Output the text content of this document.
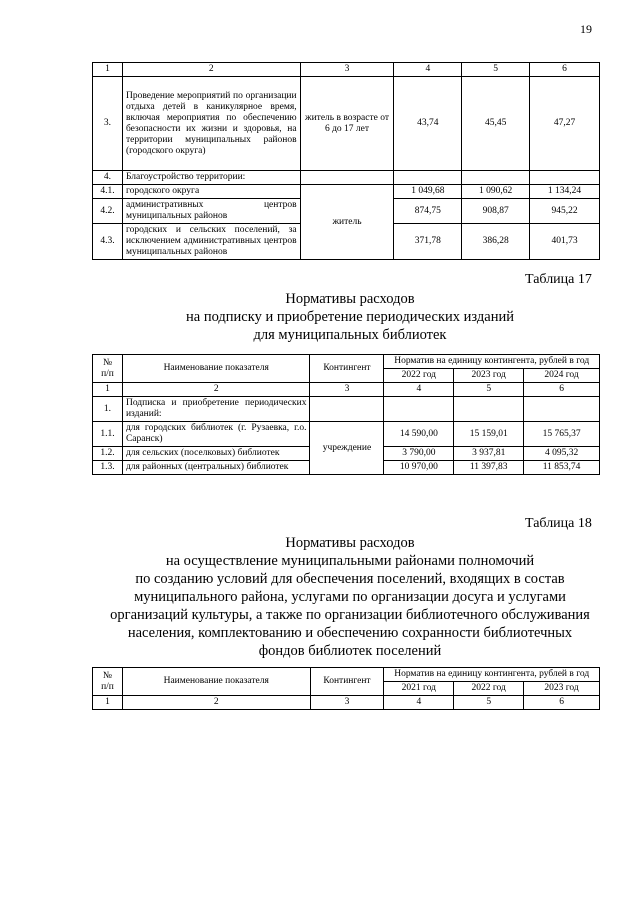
19
1	2	3	4	5	6
3.	Проведение мероприятий по организации отдыха детей в каникулярное время, включая мероприятия по обеспечению безопасности их жизни и здоровья, на территории муниципальных районов (городского округа)	житель в возрасте от 6 до 17 лет	43,74	45,45	47,27
4.	Благоустройство территории:				
4.1.	городского округа	житель	1 049,68	1 090,62	1 134,24
4.2.	административных центров муниципальных районов		874,75	908,87	945,22
4.3.	городских и сельских поселений, за исключением административных центров муниципальных районов		371,78	386,28	401,73
Таблица 17
Нормативы расходов
на подписку и приобретение периодических изданий
для муниципальных библиотек
№
п/п	Наименование показателя	Контингент	Норматив на единицу контингента, рублей в год		
			2022 год	2023 год	2024 год
1	2	3	4	5	6
1.	Подписка и приобретение периодических изданий:				
1.1.	для городских библиотек (г. Рузаевка, г.о. Саранск)	учреждение	14 590,00	15 159,01	15 765,37
1.2.	для сельских (поселковых) библиотек		3 790,00	3 937,81	4 095,32
1.3.	для районных (центральных) библиотек		10 970,00	11 397,83	11 853,74
Таблица 18
Нормативы расходов
на осуществление муниципальными районами полномочий
по созданию условий для обеспечения поселений, входящих в состав
муниципального района, услугами по организации досуга и услугами
организаций культуры, а также по организации библиотечного обслуживания
населения, комплектованию и обеспечению сохранности библиотечных
фондов библиотек поселений
№
п/п	Наименование показателя	Контингент	Норматив на единицу контингента, рублей в год		
			2021 год	2022 год	2023 год
1	2	3	4	5	6
